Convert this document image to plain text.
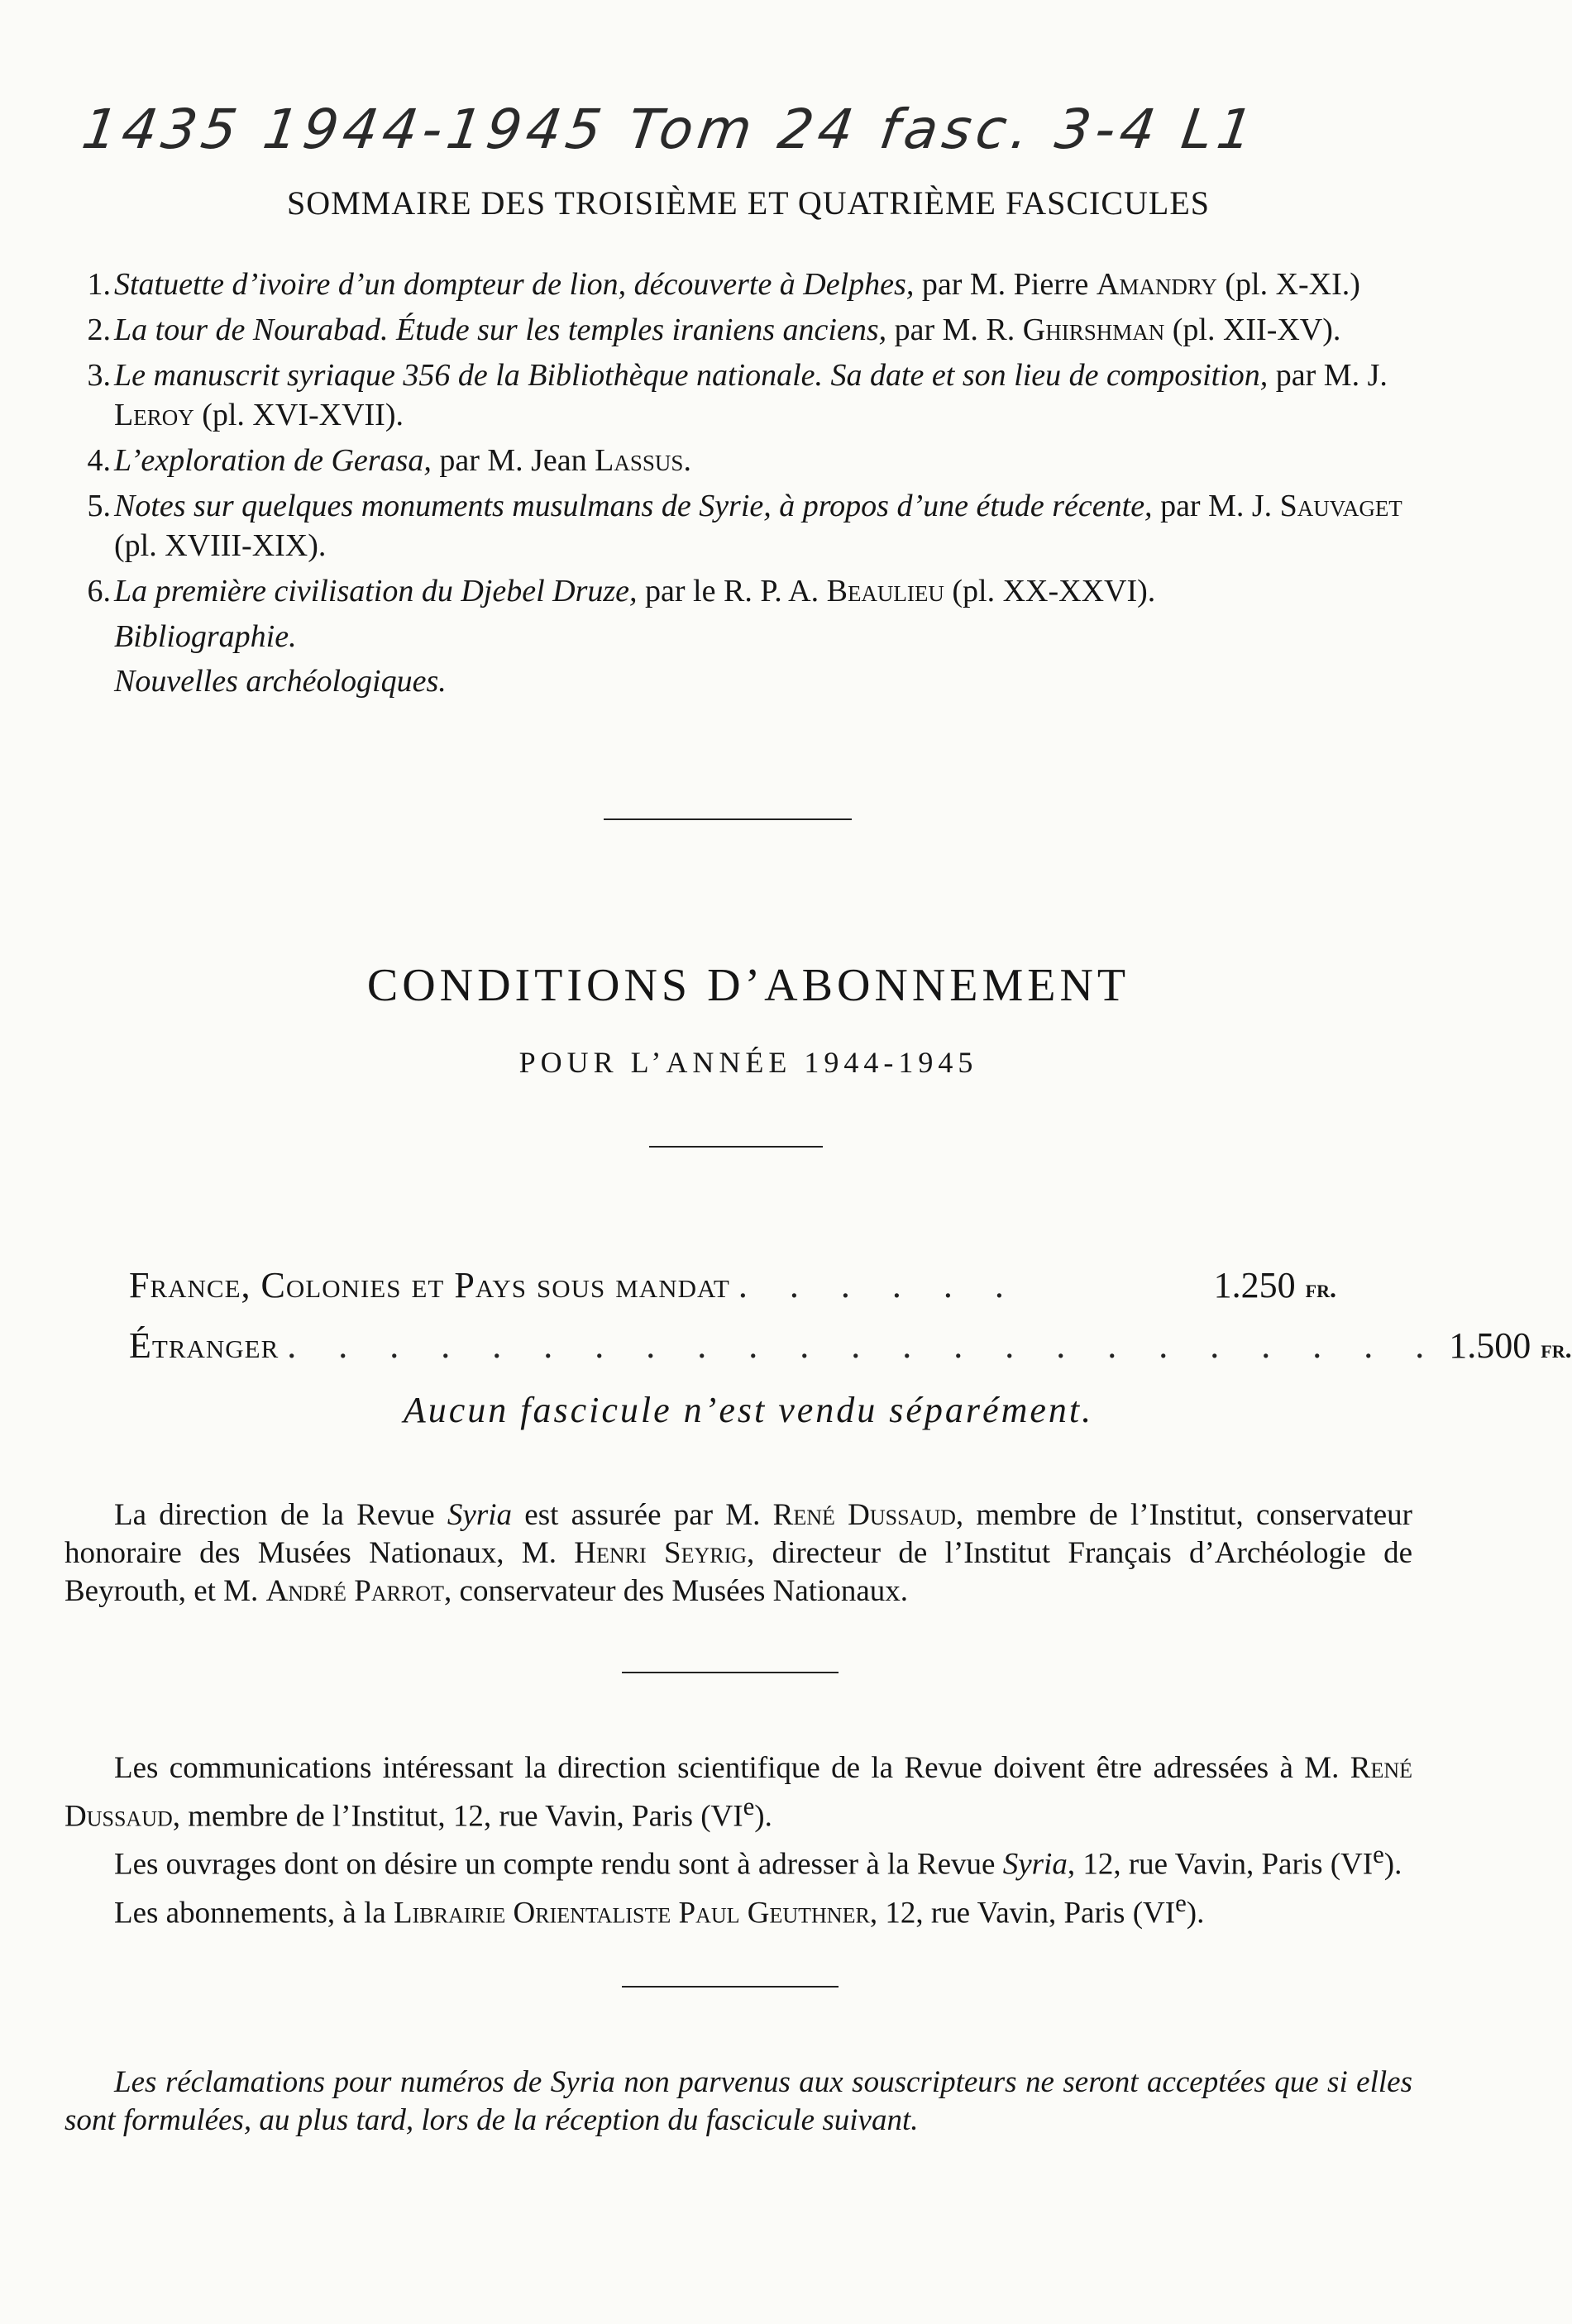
1435 1944-1945 Tom 24 fasc. 3-4 L1
SOMMAIRE DES TROISIÈME ET QUATRIÈME FASCICULES
1. Statuette d’ivoire d’un dompteur de lion, découverte à Delphes, par M. Pierre Amandry (pl. X-XI.)
2. La tour de Nourabad. Étude sur les temples iraniens anciens, par M. R. Ghirshman (pl. XII-XV).
3. Le manuscrit syriaque 356 de la Bibliothèque nationale. Sa date et son lieu de composition, par M. J. Leroy (pl. XVI-XVII).
4. L’exploration de Gerasa, par M. Jean Lassus.
5. Notes sur quelques monuments musulmans de Syrie, à propos d’une étude récente, par M. J. Sauvaget (pl. XVIII-XIX).
6. La première civilisation du Djebel Druze, par le R. P. A. Beaulieu (pl. XX-XXVI).
Bibliographie.
Nouvelles archéologiques.
CONDITIONS D’ABONNEMENT
POUR L’ANNÉE 1944-1945
France, Colonies et Pays sous mandat . . . . . .	1.250 fr.
Étranger . . . . . . . . . . . . . . . . . . . . . . . 1.500 fr.
Aucun fascicule n’est vendu séparément.

La direction de la Revue Syria est assurée par M. René Dussaud, membre de l’Institut, conservateur honoraire des Musées Nationaux, M. Henri Seyrig, directeur de l’Institut Français d’Archéologie de Beyrouth, et M. André Parrot, conservateur des Musées Nationaux.

Les communications intéressant la direction scientifique de la Revue doivent être adressées à M. René Dussaud, membre de l’Institut, 12, rue Vavin, Paris (VIe).

Les ouvrages dont on désire un compte rendu sont à adresser à la Revue Syria, 12, rue Vavin, Paris (VIe).

Les abonnements, à la Librairie Orientaliste Paul Geuthner, 12, rue Vavin, Paris (VIe).

Les réclamations pour numéros de Syria non parvenus aux souscripteurs ne seront acceptées que si elles sont formulées, au plus tard, lors de la réception du fascicule suivant.
